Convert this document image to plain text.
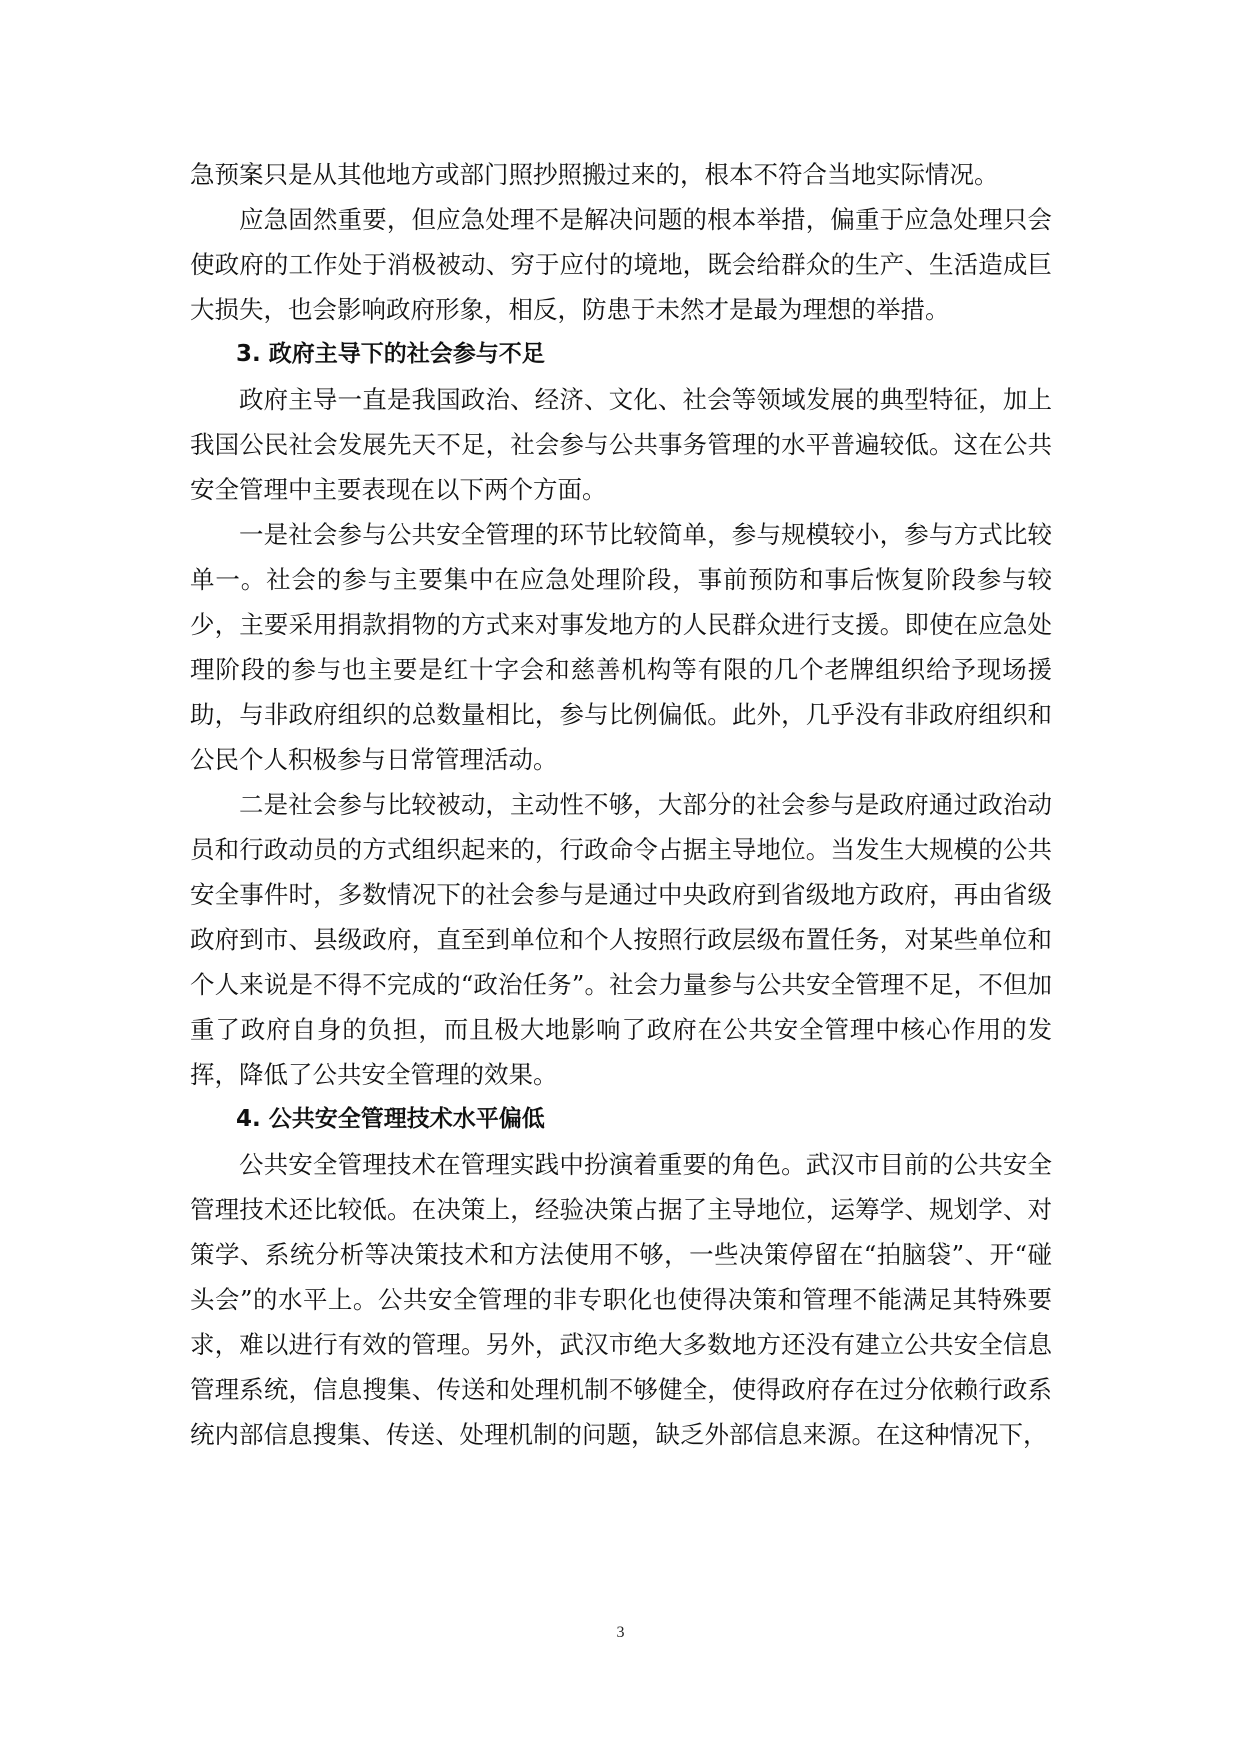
急预案只是从其他地方或部门照抄照搬过来的，根本不符合当地实际情况。

应急固然重要，但应急处理不是解决问题的根本举措，偏重于应急处理只会使政府的工作处于消极被动、穷于应付的境地，既会给群众的生产、生活造成巨大损失，也会影响政府形象，相反，防患于未然才是最为理想的举措。

3. 政府主导下的社会参与不足

政府主导一直是我国政治、经济、文化、社会等领域发展的典型特征，加上我国公民社会发展先天不足，社会参与公共事务管理的水平普遍较低。这在公共安全管理中主要表现在以下两个方面。

一是社会参与公共安全管理的环节比较简单，参与规模较小，参与方式比较单一。社会的参与主要集中在应急处理阶段，事前预防和事后恢复阶段参与较少，主要采用捐款捐物的方式来对事发地方的人民群众进行支援。即使在应急处理阶段的参与也主要是红十字会和慈善机构等有限的几个老牌组织给予现场援助，与非政府组织的总数量相比，参与比例偏低。此外，几乎没有非政府组织和公民个人积极参与日常管理活动。

二是社会参与比较被动，主动性不够，大部分的社会参与是政府通过政治动员和行政动员的方式组织起来的，行政命令占据主导地位。当发生大规模的公共安全事件时，多数情况下的社会参与是通过中央政府到省级地方政府，再由省级政府到市、县级政府，直至到单位和个人按照行政层级布置任务，对某些单位和个人来说是不得不完成的“政治任务”。社会力量参与公共安全管理不足，不但加重了政府自身的负担，而且极大地影响了政府在公共安全管理中核心作用的发挥，降低了公共安全管理的效果。

4. 公共安全管理技术水平偏低

公共安全管理技术在管理实践中扮演着重要的角色。武汉市目前的公共安全管理技术还比较低。在决策上，经验决策占据了主导地位，运筹学、规划学、对策学、系统分析等决策技术和方法使用不够，一些决策停留在“拍脑袋”、开“碰头会”的水平上。公共安全管理的非专职化也使得决策和管理不能满足其特殊要求，难以进行有效的管理。另外，武汉市绝大多数地方还没有建立公共安全信息管理系统，信息搜集、传送和处理机制不够健全，使得政府存在过分依赖行政系统内部信息搜集、传送、处理机制的问题，缺乏外部信息来源。在这种情况下，

3
